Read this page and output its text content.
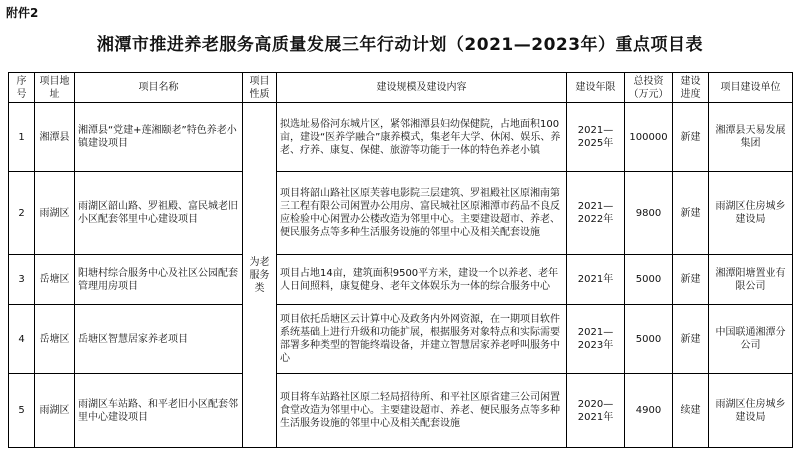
附件2
湘潭市推进养老服务高质量发展三年行动计划（2021—2023年）重点项目表
序号	项目地址	项目名称	项目性质	建设规模及建设内容	建设年限	总投资（万元）	建设进度	项目建设单位
1	湘潭县	湘潭县“党建+莲湘颐老”特色养老小镇建设项目	为老服务类	拟选址易俗河东城片区，紧邻湘潭县妇幼保健院，占地面积100亩，建设“医养学融合”康养模式，集老年大学、休闲、娱乐、养老、疗养、康复、保健、旅游等功能于一体的特色养老小镇	2021—2025年	100000	新建	湘潭县天易发展集团
2	雨湖区	雨湖区韶山路、罗祖殿、富民城老旧小区配套邻里中心建设项目		项目将韶山路社区原芙蓉电影院三层建筑、罗祖殿社区原湘南第三工程有限公司闲置办公用房、富民城社区原湘潭市药品不良反应检验中心闲置办公楼改造为邻里中心。主要建设超市、养老、便民服务点等多种生活服务设施的邻里中心及相关配套设施	2021—2022年	9800	新建	雨湖区住房城乡建设局
3	岳塘区	阳塘村综合服务中心及社区公园配套管理用房项目		项目占地14亩，建筑面积9500平方米，建设一个以养老、老年人日间照料，康复健身、老年文体娱乐为一体的综合服务中心	2021年	5000	新建	湘潭阳塘置业有限公司
4	岳塘区	岳塘区智慧居家养老项目		项目依托岳塘区云计算中心及政务内外网资源，在一期项目软件系统基础上进行升级和功能扩展，根据服务对象特点和实际需要部署多种类型的智能终端设备，并建立智慧居家养老呼叫服务中心	2021—2023年	5000	新建	中国联通湘潭分公司
5	雨湖区	雨湖区车站路、和平老旧小区配套邻里中心建设项目		项目将车站路社区原二轻局招待所、和平社区原省建三公司闲置食堂改造为邻里中心。主要建设超市、养老、便民服务点等多种生活服务设施的邻里中心及相关配套设施	2020—2021年	4900	续建	雨湖区住房城乡建设局
